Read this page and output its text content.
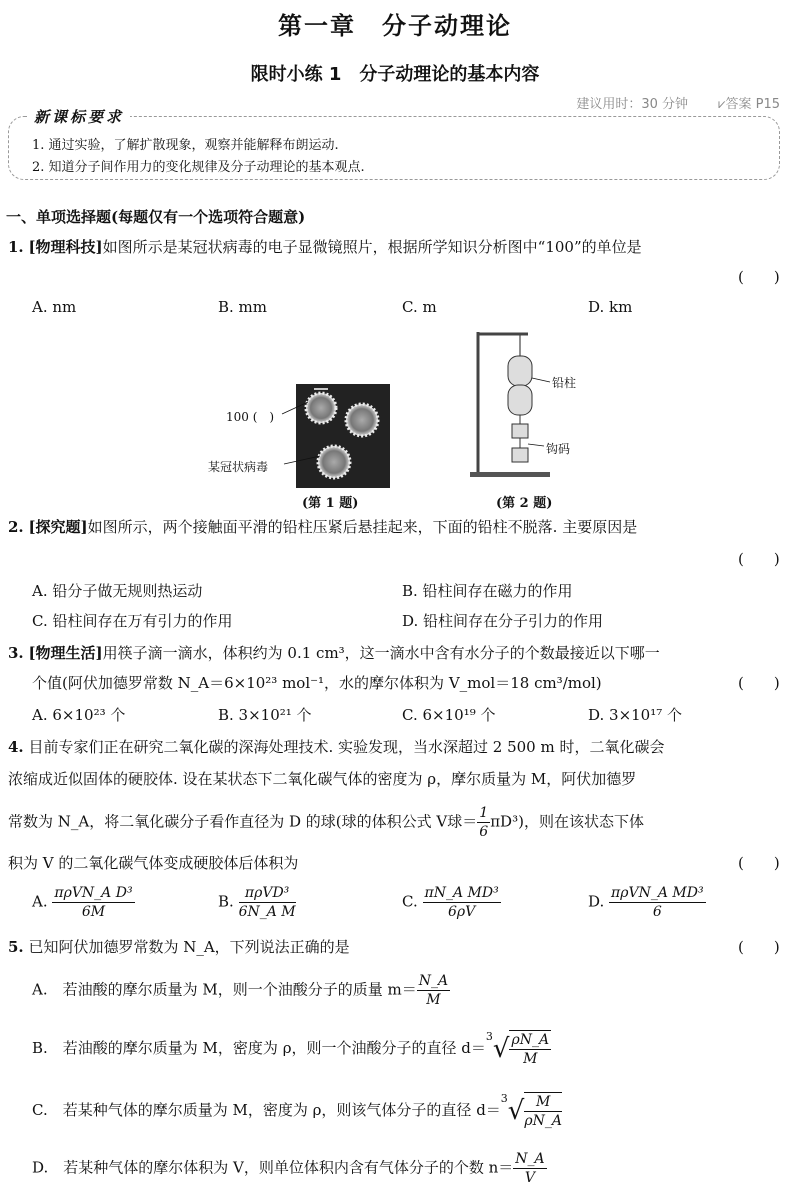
第一章　分子动理论
限时小练 1　分子动理论的基本内容
建议用时：30 分钟 ⩗答案 P15
新课标要求
1. 通过实验，了解扩散现象，观察并能解释布朗运动.
2. 知道分子间作用力的变化规律及分子动理论的基本观点.
一、单项选择题(每题仅有一个选项符合题意)
1. [物理科技]如图所示是某冠状病毒的电子显微镜照片，根据所学知识分析图中“100”的单位是
(　　)
A. nm	B. mm	C. m	D. km
100 (　)
某冠状病毒
(第 1 题)
铅柱
钩码
(第 2 题)
2. [探究题]如图所示，两个接触面平滑的铅柱压紧后悬挂起来，下面的铅柱不脱落. 主要原因是
(　　)
A. 铅分子做无规则热运动	B. 铅柱间存在磁力的作用
C. 铅柱间存在万有引力的作用	D. 铅柱间存在分子引力的作用
3. [物理生活]用筷子滴一滴水，体积约为 0.1 cm³，这一滴水中含有水分子的个数最接近以下哪一
个值(阿伏加德罗常数 N_A＝6×10²³ mol⁻¹，水的摩尔体积为 V_mol＝18 cm³/mol)	(　　)
A. 6×10²³ 个	B. 3×10²¹ 个	C. 6×10¹⁹ 个	D. 3×10¹⁷ 个
4. 目前专家们正在研究二氧化碳的深海处理技术. 实验发现，当水深超过 2 500 m 时，二氧化碳会
浓缩成近似固体的硬胶体. 设在某状态下二氧化碳气体的密度为 ρ，摩尔质量为 M，阿伏加德罗
常数为 N_A，将二氧化碳分子看作直径为 D 的球(球的体积公式 V球＝ $\frac{1}{6} \pi D^3$)，则在该状态下体
积为 V 的二氧化碳气体变成硬胶体后体积为	(　　)
A. $\frac{\text{πρVN\_A D³}}{6M}$	B. $\frac{\text{πρVD³}}{\text{6N\_A M}}$	C. $\frac{\text{πN\_A MD³}}{6\rho V}$	D. $\frac{\text{πρVN\_A MD³}}{6}$
5. 已知阿伏加德罗常数为 N_A，下列说法正确的是	(　　)
A.　若油酸的摩尔质量为 M，则一个油酸分子的质量 $m= \frac{N\_A}{M}$
B.　若油酸的摩尔质量为 M，密度为 ρ，则一个油酸分子的直径 $d=^3√ \frac{\rho N\_A}{M}$
C.　若某种气体的摩尔质量为 M，密度为 ρ，则该气体分子的直径 $d=^3√ \frac{M}{\rho N\_A}$
D.　若某种气体的摩尔体积为 V，则单位体积内含有气体分子的个数 $n= \frac{N\_A}{V}$
